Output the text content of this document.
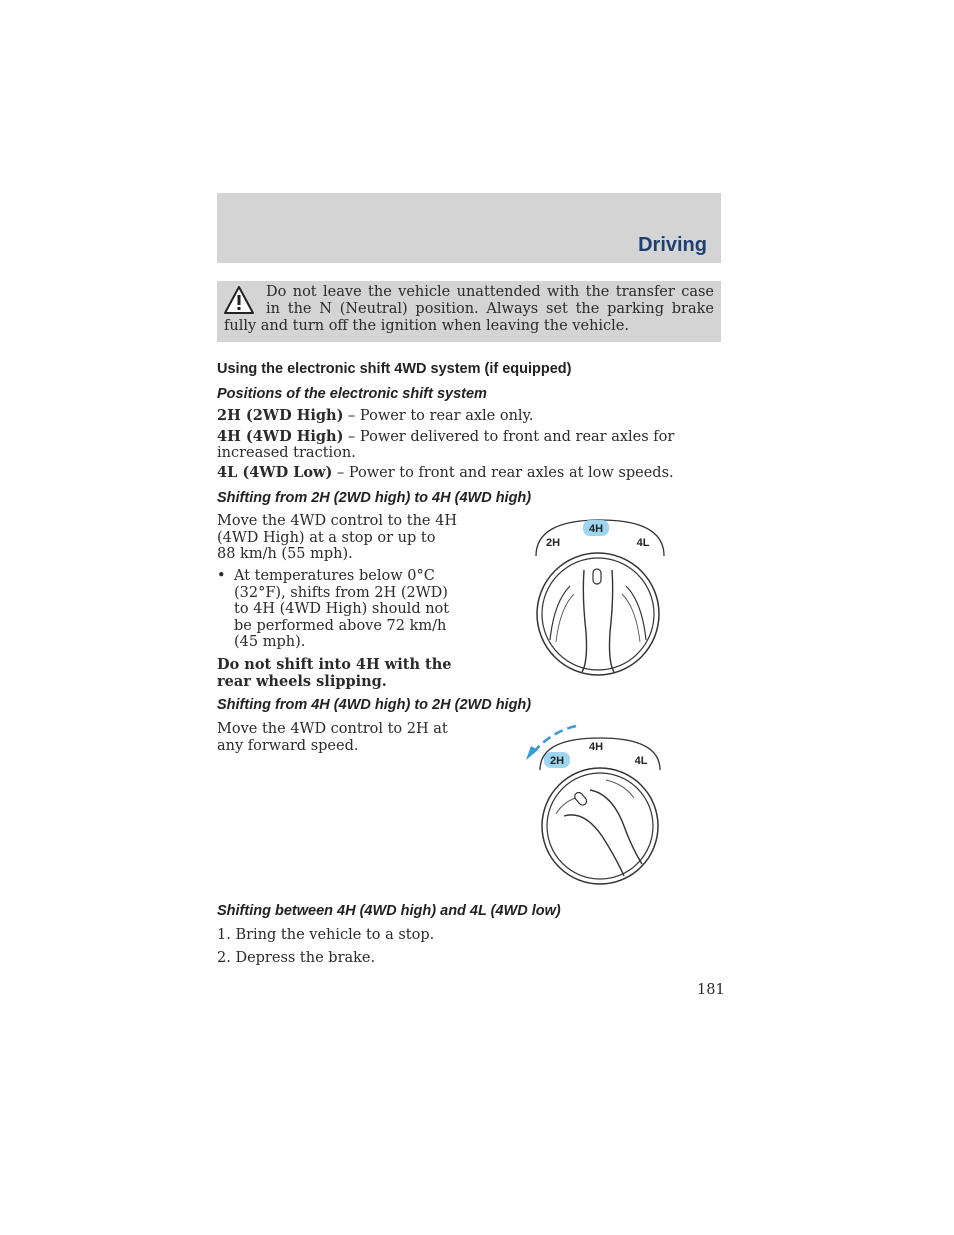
Driving
Do not leave the vehicle unattended with the transfer case in the N (Neutral) position. Always set the parking brake fully and turn off the ignition when leaving the vehicle.
Using the electronic shift 4WD system (if equipped)
Positions of the electronic shift system
2H (2WD High) – Power to rear axle only.
4H (4WD High) – Power delivered to front and rear axles for increased traction.
4L (4WD Low) – Power to front and rear axles at low speeds.
Shifting from 2H (2WD high) to 4H (4WD high)
Move the 4WD control to the 4H (4WD High) at a stop or up to 88 km/h (55 mph).
• At temperatures below 0°C (32°F), shifts from 2H (2WD) to 4H (4WD High) should not be performed above 72 km/h (45 mph).
Do not shift into 4H with the rear wheels slipping.
4H
2H	4L
Shifting from 4H (4WD high) to 2H (2WD high)
Move the 4WD control to 2H at any forward speed.
2H
4H
4L
Shifting between 4H (4WD high) and 4L (4WD low)
1. Bring the vehicle to a stop.
2. Depress the brake.
181
